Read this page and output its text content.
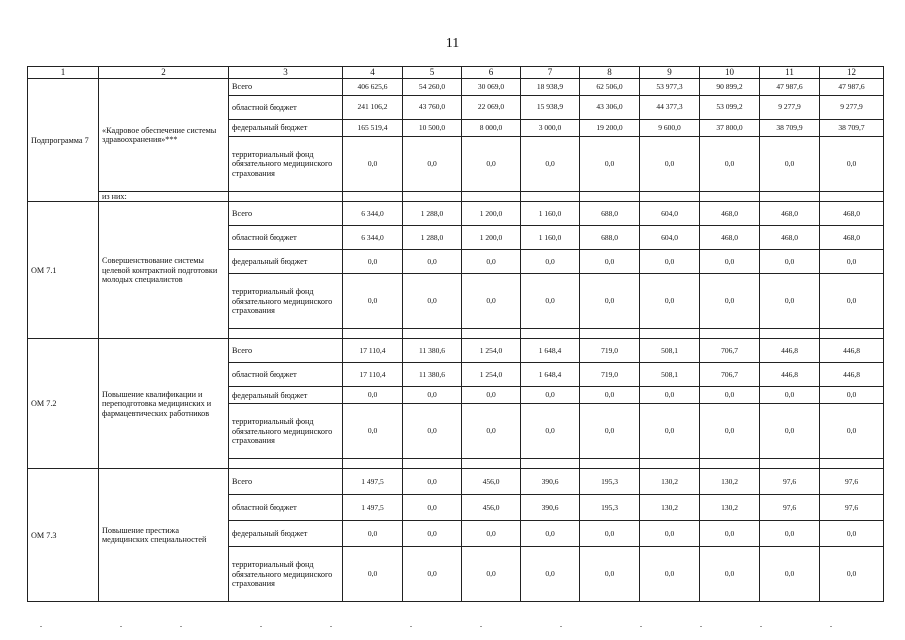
11
1	2	3	4	5	6	7	8	9	10	11	12
Подпрограмма 7	«Кадровое обеспечение системы здравоохранения»***	Всего	406 625,6	54 260,0	30 069,0	18 938,9	62 506,0	53 977,3	90 899,2	47 987,6	47 987,6
		областной бюджет	241 106,2	43 760,0	22 069,0	15 938,9	43 306,0	44 377,3	53 099,2	9 277,9	9 277,9
		федеральный бюджет	165 519,4	10 500,0	8 000,0	3 000,0	19 200,0	9 600,0	37 800,0	38 709,9	38 709,7
		территориальный фонд обязательного медицинского страхования	0,0	0,0	0,0	0,0	0,0	0,0	0,0	0,0	0,0
	из них:										
ОМ 7.1	Совершенствование системы целевой контрактной подготовки молодых специалистов	Всего	6 344,0	1 288,0	1 200,0	1 160,0	688,0	604,0	468,0	468,0	468,0
		областной бюджет	6 344,0	1 288,0	1 200,0	1 160,0	688,0	604,0	468,0	468,0	468,0
		федеральный бюджет	0,0	0,0	0,0	0,0	0,0	0,0	0,0	0,0	0,0
		территориальный фонд обязательного медицинского страхования	0,0	0,0	0,0	0,0	0,0	0,0	0,0	0,0	0,0

ОМ 7.2	Повышение квалификации и переподготовка медицинских и фармацевтических работников	Всего	17 110,4	11 380,6	1 254,0	1 648,4	719,0	508,1	706,7	446,8	446,8
		областной бюджет	17 110,4	11 380,6	1 254,0	1 648,4	719,0	508,1	706,7	446,8	446,8
		федеральный бюджет	0,0	0,0	0,0	0,0	0,0	0,0	0,0	0,0	0,0
		территориальный фонд обязательного медицинского страхования	0,0	0,0	0,0	0,0	0,0	0,0	0,0	0,0	0,0

ОМ 7.3	Повышение престижа медицинских специальностей	Всего	1 497,5	0,0	456,0	390,6	195,3	130,2	130,2	97,6	97,6
		областной бюджет	1 497,5	0,0	456,0	390,6	195,3	130,2	130,2	97,6	97,6
		федеральный бюджет	0,0	0,0	0,0	0,0	0,0	0,0	0,0	0,0	0,0
		территориальный фонд обязательного медицинского страхования	0,0	0,0	0,0	0,0	0,0	0,0	0,0	0,0	0,0
